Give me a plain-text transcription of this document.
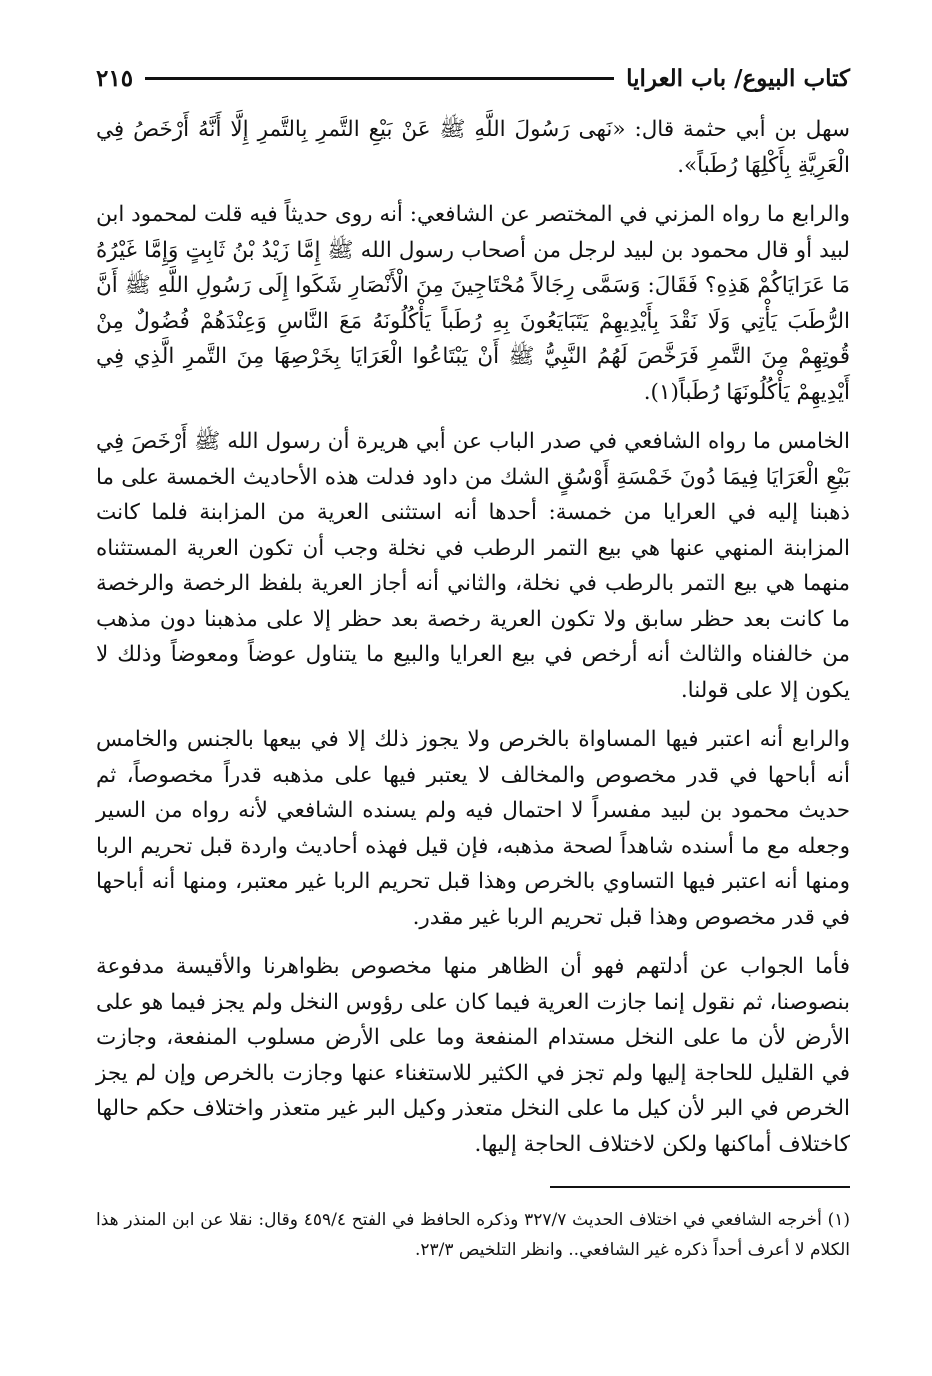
كتاب البيوع/ باب العرايا
٢١٥

سهل بن أبي حثمة قال: «نَهى رَسُولَ اللَّهِ ﷺ عَنْ بَيْعِ التَّمرِ بِالتَّمرِ إِلَّا أَنَّهُ أَرْخَصُ فِي الْعَرِيَّةِ بِأَكْلِهَا رُطَباً».

والرابع ما رواه المزني في المختصر عن الشافعي: أنه روى حديثاً فيه قلت لمحمود ابن لبيد أو قال محمود بن لبيد لرجل من أصحاب رسول الله ﷺ إِمَّا زَيْدُ بْنُ ثَابِتٍ وَإِمَّا غَيْرُهُ مَا عَرَايَاكُمْ هَذِهِ؟ فَقَالَ: وَسَمَّى رِجَالاً مُحْتَاجِينَ مِنَ الْأَنْصَارِ شَكَوا إِلَى رَسُولِ اللَّهِ ﷺ أَنَّ الرُّطَبَ يَأْتِي وَلَا نَقْدَ بِأَيْدِيهِمْ يَتَبَايَعُونَ بِهِ رُطَباً يَأْكُلُونَهُ مَعَ النَّاسِ وَعِنْدَهُمْ فُضُولٌ مِنْ قُوتِهِمْ مِنَ التَّمرِ فَرَخَّصَ لَهُمُ النَّبِيُّ ﷺ أَنْ يَبْتَاعُوا الْعَرَايَا بِخَرْصِهَا مِنَ التَّمرِ الَّذِي فِي أَيْدِيهِمْ يَأْكُلُونَهَا رُطَباً(١).

الخامس ما رواه الشافعي في صدر الباب عن أبي هريرة أن رسول الله ﷺ أَرْخَصَ فِي بَيْعِ الْعَرَايَا فِيمَا دُونَ خَمْسَةِ أَوْسُقٍ الشك من داود فدلت هذه الأحاديث الخمسة على ما ذهبنا إليه في العرايا من خمسة: أحدها أنه استثنى العرية من المزابنة فلما كانت المزابنة المنهي عنها هي بيع التمر الرطب في نخلة وجب أن تكون العرية المستثناه منهما هي بيع التمر بالرطب في نخلة، والثاني أنه أجاز العرية بلفظ الرخصة والرخصة ما كانت بعد حظر سابق ولا تكون العرية رخصة بعد حظر إلا على مذهبنا دون مذهب من خالفناه والثالث أنه أرخص في بيع العرايا والبيع ما يتناول عوضاً ومعوضاً وذلك لا يكون إلا على قولنا.

والرابع أنه اعتبر فيها المساواة بالخرص ولا يجوز ذلك إلا في بيعها بالجنس والخامس أنه أباحها في قدر مخصوص والمخالف لا يعتبر فيها على مذهبه قدراً مخصوصاً، ثم حديث محمود بن لبيد مفسراً لا احتمال فيه ولم يسنده الشافعي لأنه رواه من السير وجعله مع ما أسنده شاهداً لصحة مذهبه، فإن قيل فهذه أحاديث واردة قبل تحريم الربا ومنها أنه اعتبر فيها التساوي بالخرص وهذا قبل تحريم الربا غير معتبر، ومنها أنه أباحها في قدر مخصوص وهذا قبل تحريم الربا غير مقدر.

فأما الجواب عن أدلتهم فهو أن الظاهر منها مخصوص بظواهرنا والأقيسة مدفوعة بنصوصنا، ثم نقول إنما جازت العرية فيما كان على رؤوس النخل ولم يجز فيما هو على الأرض لأن ما على النخل مستدام المنفعة وما على الأرض مسلوب المنفعة، وجازت في القليل للحاجة إليها ولم تجز في الكثير للاستغناء عنها وجازت بالخرص وإن لم يجز الخرص في البر لأن كيل ما على النخل متعذر وكيل البر غير متعذر واختلاف حكم حالها كاختلاف أماكنها ولكن لاختلاف الحاجة إليها.

(١) أخرجه الشافعي في اختلاف الحديث ٣٢٧/٧ وذكره الحافظ في الفتح ٤٥٩/٤ وقال: نقلا عن ابن المنذر هذا الكلام لا أعرف أحداً ذكره غير الشافعي.. وانظر التلخيص ٢٣/٣.
